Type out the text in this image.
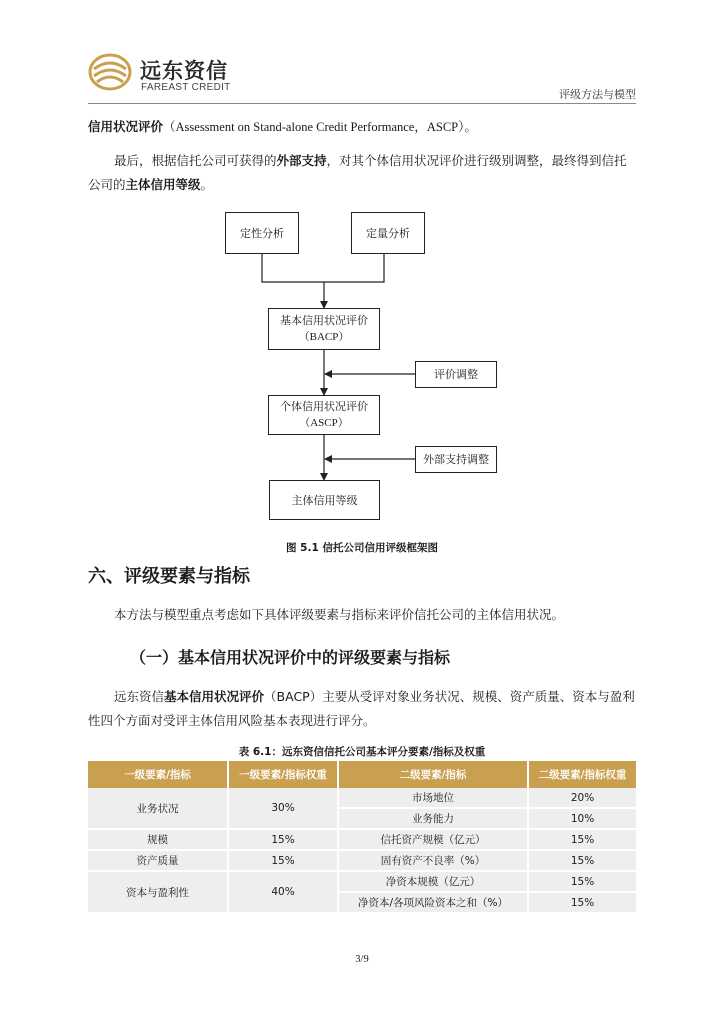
远东资信
FAREAST CREDIT
评级方法与模型
信用状况评价（Assessment on Stand-alone Credit Performance，ASCP）。
最后，根据信托公司可获得的外部支持，对其个体信用状况评价进行级别调整，最终得到信托
公司的主体信用等级。
定性分析	定量分析
基本信用状况评价
（BACP）
评价调整
个体信用状况评价
（ASCP）
外部支持调整
主体信用等级
图 5.1 信托公司信用评级框架图
六、评级要素与指标
本方法与模型重点考虑如下具体评级要素与指标来评价信托公司的主体信用状况。
（一）基本信用状况评价中的评级要素与指标
远东资信基本信用状况评价（BACP）主要从受评对象业务状况、规模、资产质量、资本与盈利
性四个方面对受评主体信用风险基本表现进行评分。
表 6.1：远东资信信托公司基本评分要素/指标及权重
一级要素/指标	一级要素/指标权重	二级要素/指标	二级要素/指标权重
业务状况	30%	市场地位	20%
		业务能力	10%
规模	15%	信托资产规模（亿元）	15%
资产质量	15%	固有资产不良率（%）	15%
资本与盈利性	40%	净资本规模（亿元）	15%
		净资本/各项风险资本之和（%）	15%
3/9
